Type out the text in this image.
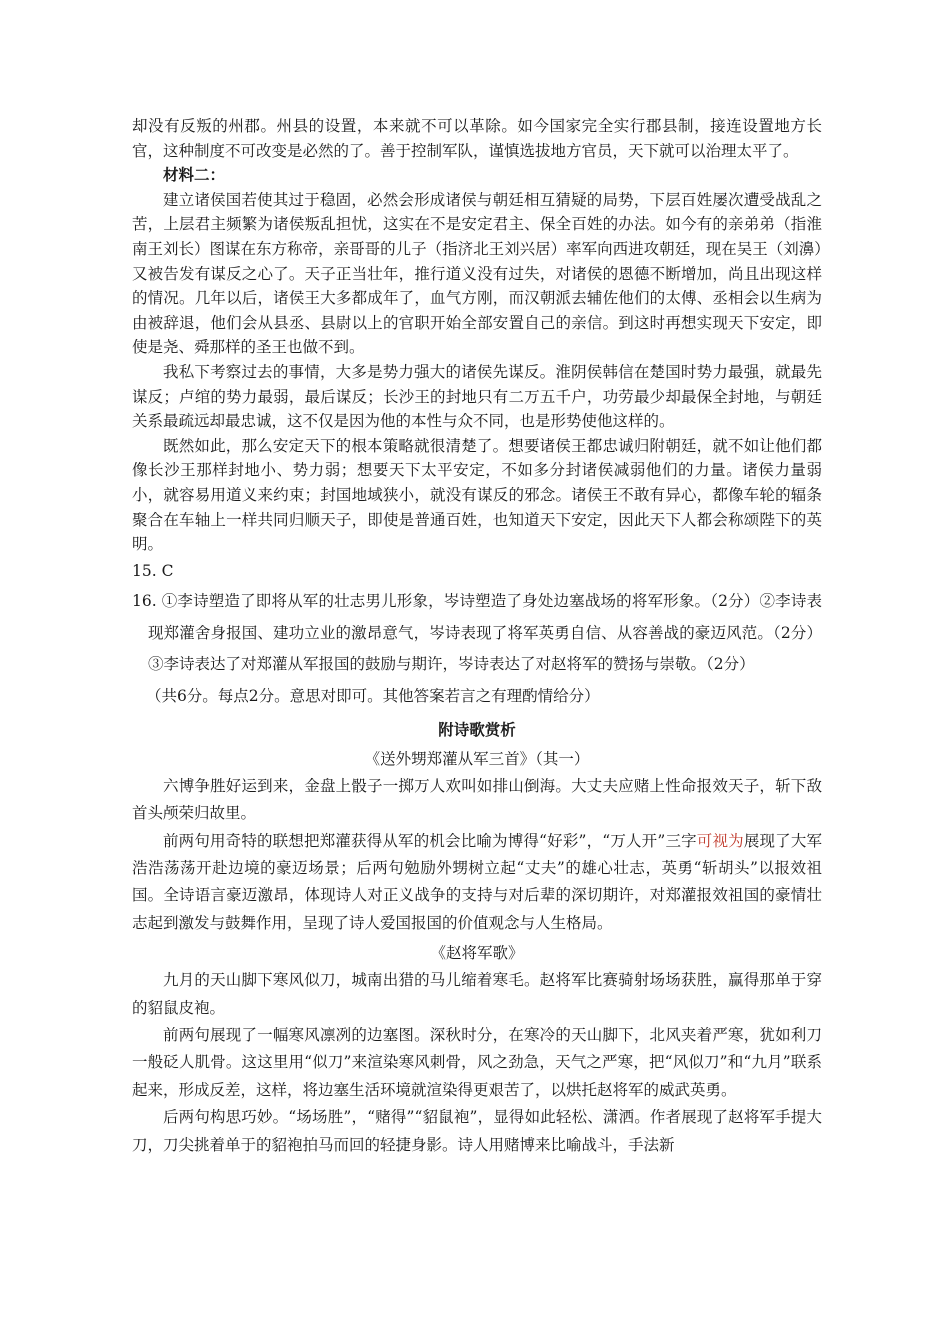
却没有反叛的州郡。州县的设置，本来就不可以革除。如今国家完全实行郡县制，接连设置地方长官，这种制度不可改变是必然的了。善于控制军队，谨慎选拔地方官员，天下就可以治理太平了。

材料二：

建立诸侯国若使其过于稳固，必然会形成诸侯与朝廷相互猜疑的局势，下层百姓屡次遭受战乱之苦，上层君主频繁为诸侯叛乱担忧，这实在不是安定君主、保全百姓的办法。如今有的亲弟弟（指淮南王刘长）图谋在东方称帝，亲哥哥的儿子（指济北王刘兴居）率军向西进攻朝廷，现在吴王（刘濞）又被告发有谋反之心了。天子正当壮年，推行道义没有过失，对诸侯的恩德不断增加，尚且出现这样的情况。几年以后，诸侯王大多都成年了，血气方刚，而汉朝派去辅佐他们的太傅、丞相会以生病为由被辞退，他们会从县丞、县尉以上的官职开始全部安置自己的亲信。到这时再想实现天下安定，即使是尧、舜那样的圣王也做不到。

我私下考察过去的事情，大多是势力强大的诸侯先谋反。淮阴侯韩信在楚国时势力最强，就最先谋反；卢绾的势力最弱，最后谋反；长沙王的封地只有二万五千户，功劳最少却最保全封地，与朝廷关系最疏远却最忠诚，这不仅是因为他的本性与众不同，也是形势使他这样的。

既然如此，那么安定天下的根本策略就很清楚了。想要诸侯王都忠诚归附朝廷，就不如让他们都像长沙王那样封地小、势力弱；想要天下太平安定，不如多分封诸侯减弱他们的力量。诸侯力量弱小，就容易用道义来约束；封国地域狭小，就没有谋反的邪念。诸侯王不敢有异心，都像车轮的辐条聚合在车轴上一样共同归顺天子，即使是普通百姓，也知道天下安定，因此天下人都会称颂陛下的英明。

15. C

16. ①李诗塑造了即将从军的壮志男儿形象，岑诗塑造了身处边塞战场的将军形象。（2分）②李诗表现郑灌舍身报国、建功立业的激昂意气，岑诗表现了将军英勇自信、从容善战的豪迈风范。（2分）③李诗表达了对郑灌从军报国的鼓励与期许，岑诗表达了对赵将军的赞扬与崇敬。（2分）

（共6分。每点2分。意思对即可。其他答案若言之有理酌情给分）

附诗歌赏析

《送外甥郑灌从军三首》（其一）

六博争胜好运到来，金盘上骰子一掷万人欢叫如排山倒海。大丈夫应赌上性命报效天子，斩下敌首头颅荣归故里。

前两句用奇特的联想把郑灌获得从军的机会比喻为博得“好彩”，“万人开”三字可视为展现了大军浩浩荡荡开赴边境的豪迈场景；后两句勉励外甥树立起“丈夫”的雄心壮志，英勇“斩胡头”以报效祖国。全诗语言豪迈激昂，体现诗人对正义战争的支持与对后辈的深切期许，对郑灌报效祖国的豪情壮志起到激发与鼓舞作用，呈现了诗人爱国报国的价值观念与人生格局。

《赵将军歌》

九月的天山脚下寒风似刀，城南出猎的马儿缩着寒毛。赵将军比赛骑射场场获胜，赢得那单于穿的貂鼠皮袍。

前两句展现了一幅寒风凛冽的边塞图。深秋时分，在寒冷的天山脚下，北风夹着严寒，犹如利刀一般砭人肌骨。这这里用“似刀”来渲染寒风刺骨，风之劲急，天气之严寒，把“风似刀”和“九月”联系起来，形成反差，这样，将边塞生活环境就渲染得更艰苦了，以烘托赵将军的威武英勇。

后两句构思巧妙。“场场胜”，“赌得”“貂鼠袍”，显得如此轻松、潇洒。作者展现了赵将军手提大刀，刀尖挑着单于的貂袍拍马而回的轻捷身影。诗人用赌博来比喻战斗，手法新
